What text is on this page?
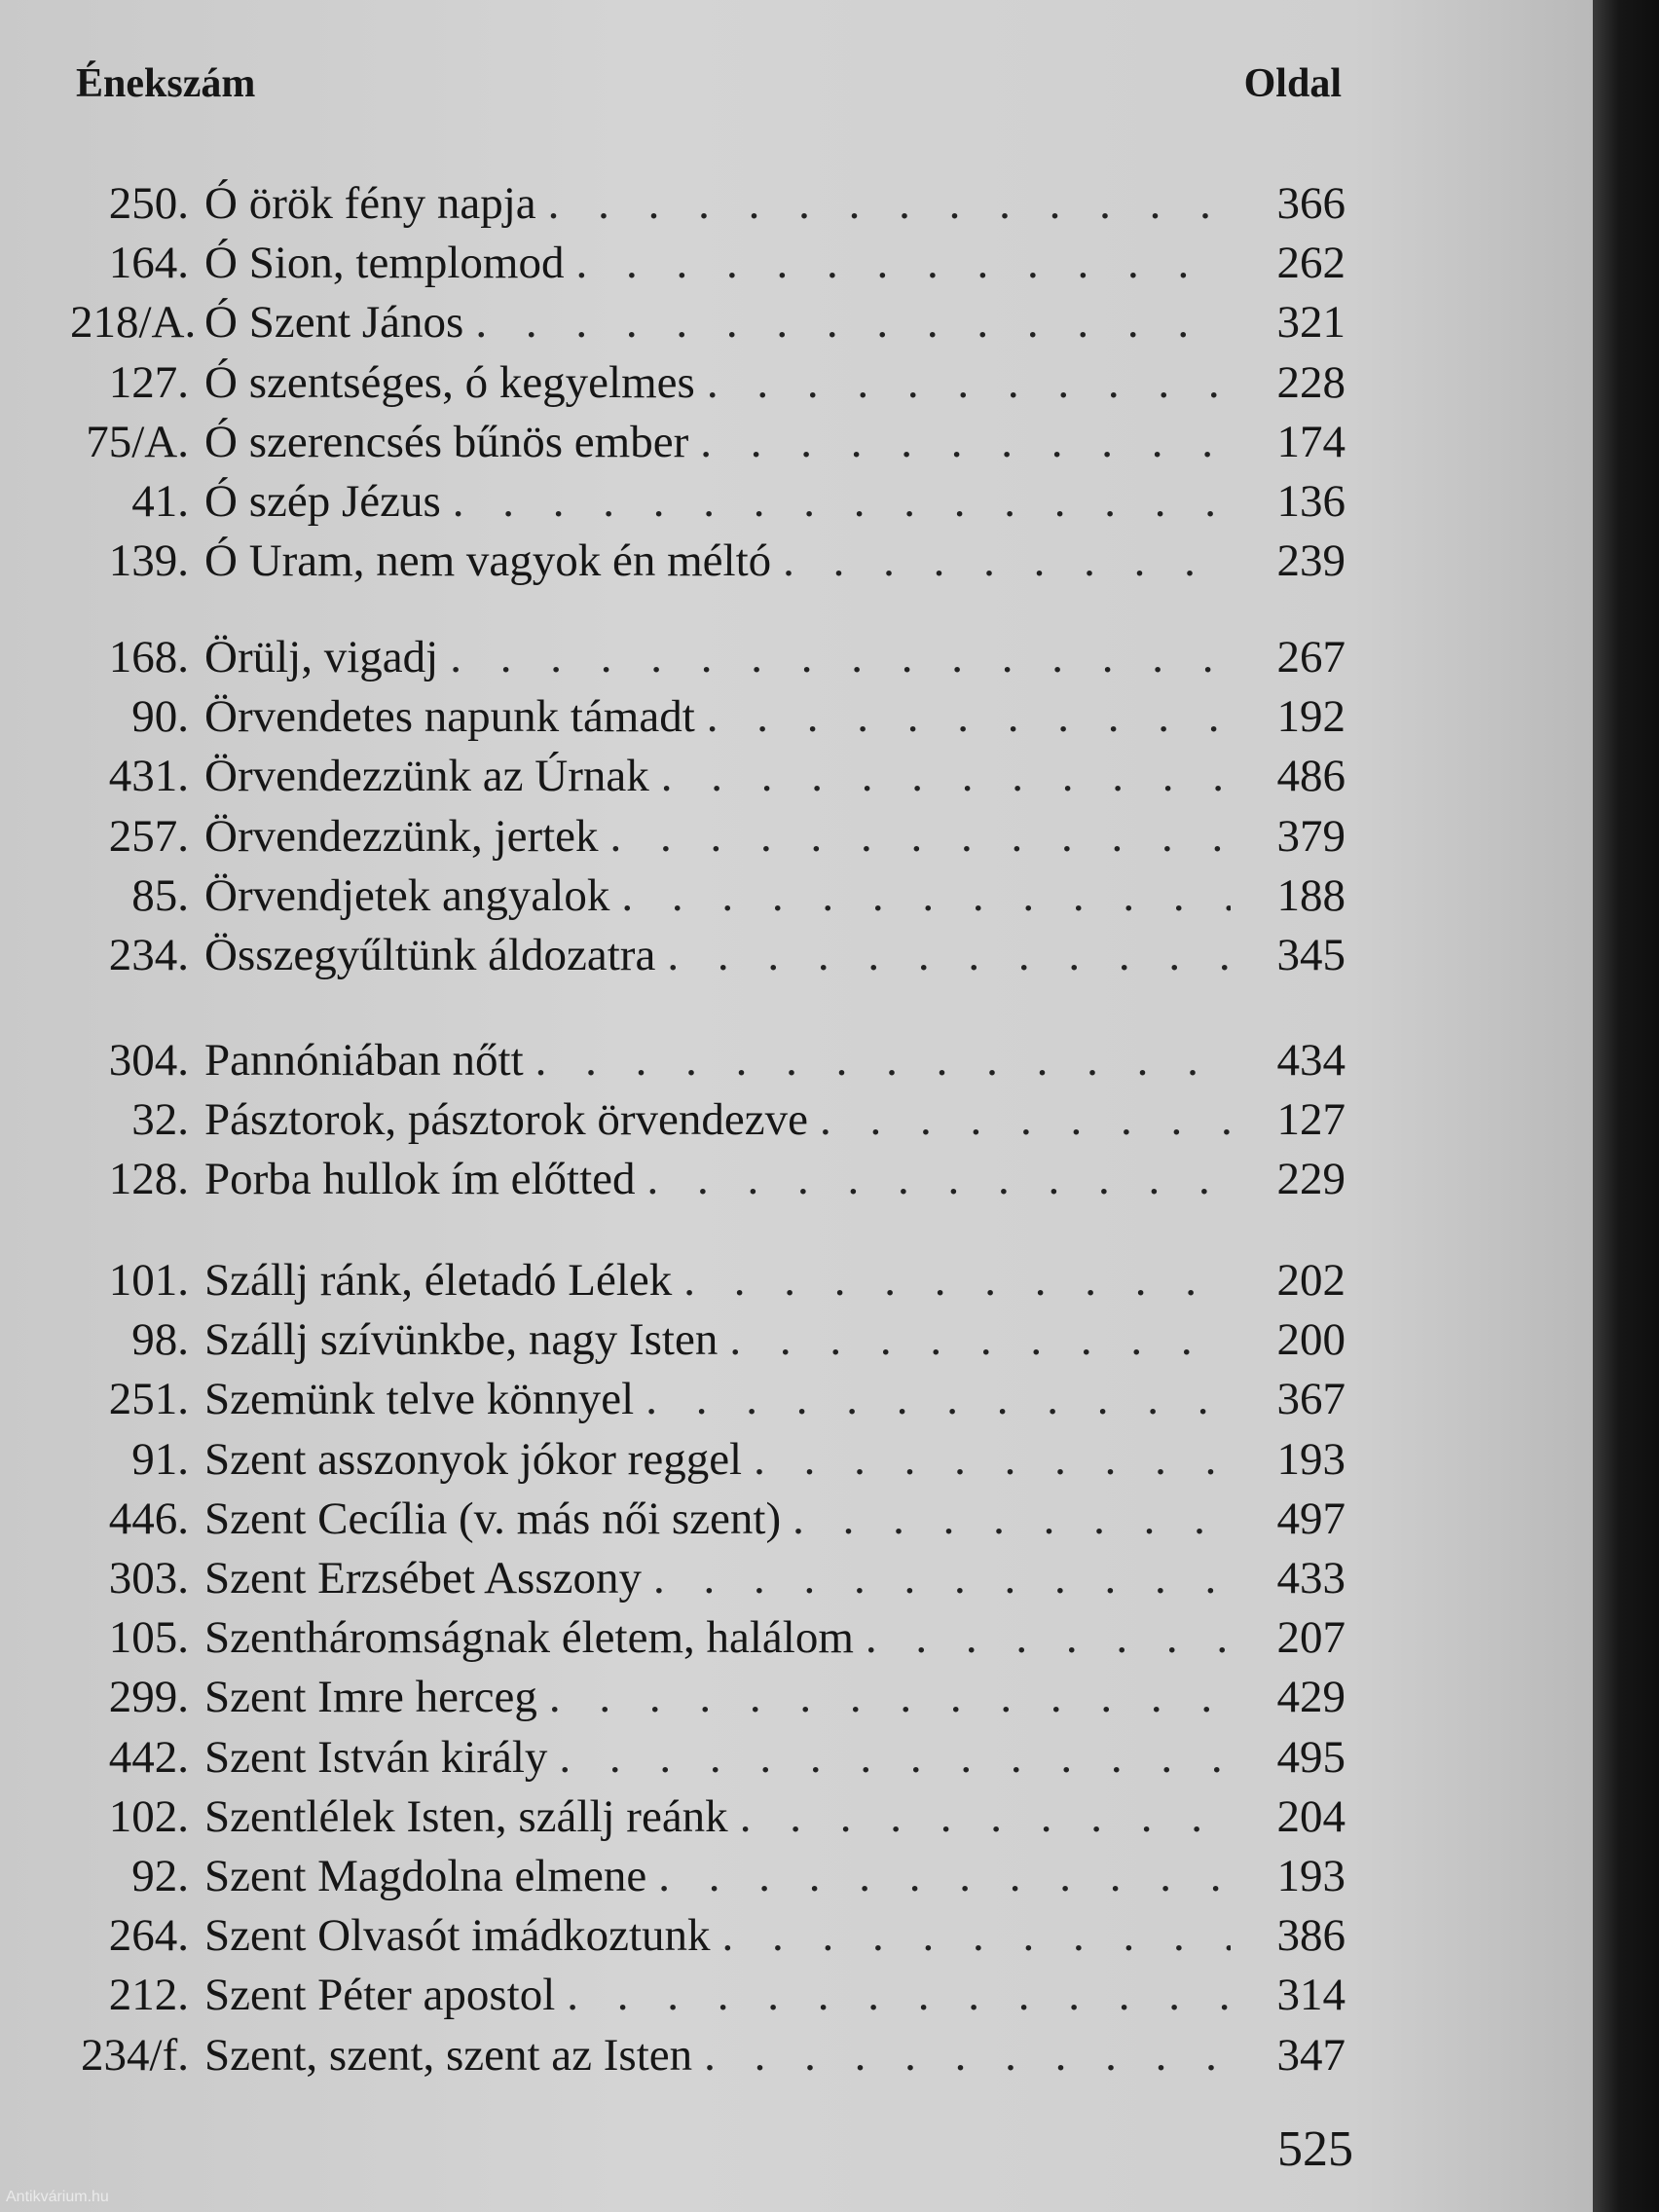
Énekszám	Oldal
250. Ó örök fény napja . . .	366
164. Ó Sion, templomod . . .	262
218/A. Ó Szent János . . .	321
127. Ó szentséges, ó kegyelmes . . .	228
75/A. Ó szerencsés bűnös ember . . .	174
41. Ó szép Jézus . . .	136
139. Ó Uram, nem vagyok én méltó . . .	239
168. Örülj, vigadj . . .	267
90. Örvendetes napunk támadt . . .	192
431. Örvendezzünk az Úrnak . . .	486
257. Örvendezzünk, jertek . . .	379
85. Örvendjetek angyalok . . .	188
234. Összegyűltünk áldozatra . . .	345
304. Pannóniában nőtt . . .	434
32. Pásztorok, pásztorok örvendezve . . .	127
128. Porba hullok ím előtted . . .	229
101. Szállj ránk, életadó Lélek . . .	202
98. Szállj szívünkbe, nagy Isten . . .	200
251. Szemünk telve könnyel . . .	367
91. Szent asszonyok jókor reggel . . .	193
446. Szent Cecília (v. más női szent) . . .	497
303. Szent Erzsébet Asszony . . .	433
105. Szentháromságnak életem, halálom . . .	207
299. Szent Imre herceg . . .	429
442. Szent István király . . .	495
102. Szentlélek Isten, szállj reánk . . .	204
92. Szent Magdolna elmene . . .	193
264. Szent Olvasót imádkoztunk . . .	386
212. Szent Péter apostol . . .	314
234/f. Szent, szent, szent az Isten . . .	347
525
Antikvárium.hu
